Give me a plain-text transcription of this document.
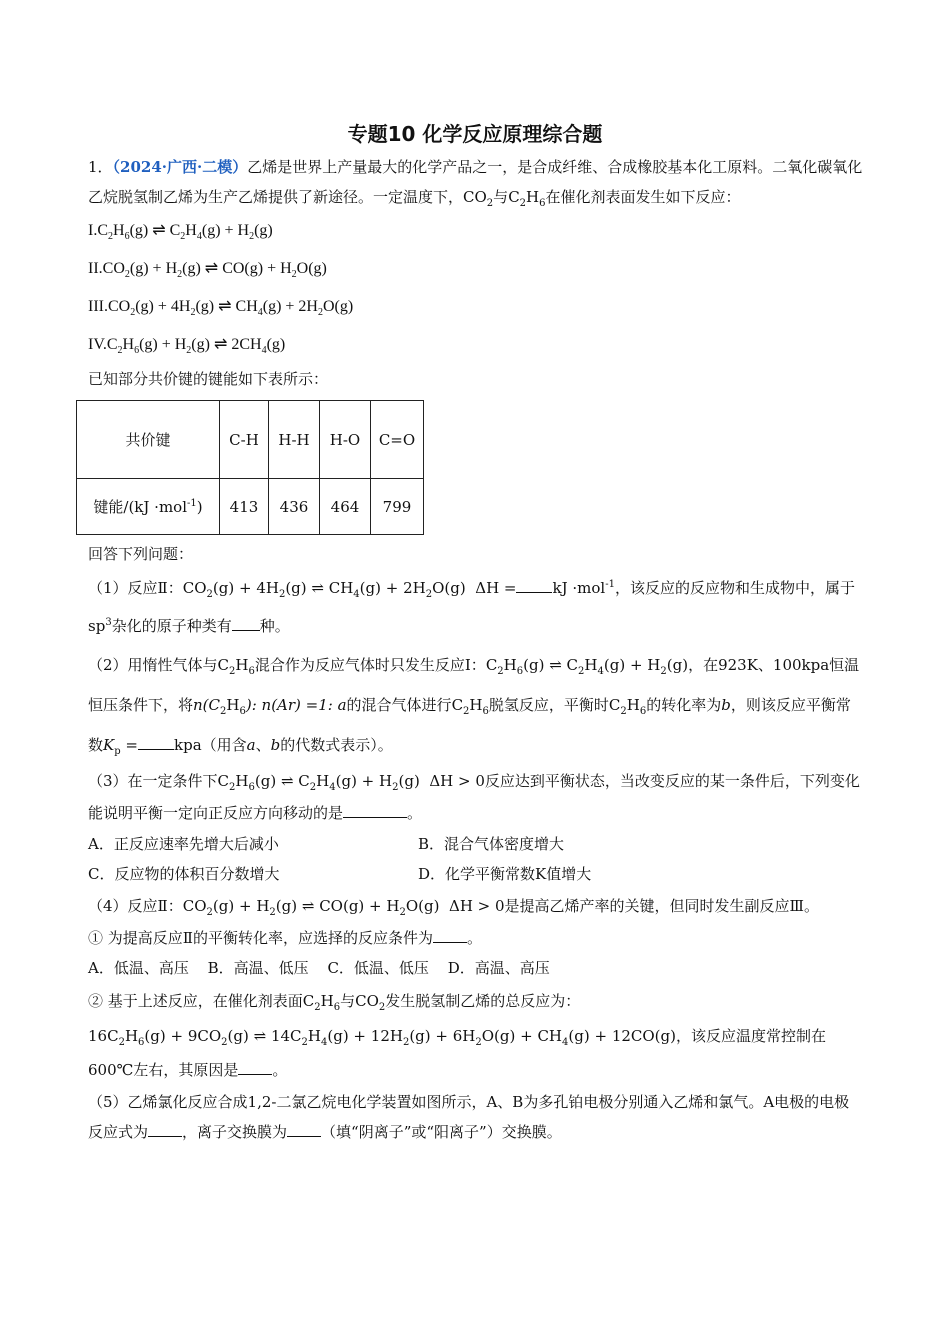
专题10 化学反应原理综合题

1．（2024·广西·二模）乙烯是世界上产量最大的化学产品之一，是合成纤维、合成橡胶基本化工原料。二氧化碳氧化乙烷脱氢制乙烯为生产乙烯提供了新途径。一定温度下，$CO_2$与$C_2H_6$在催化剂表面发生如下反应：

$I.C_2H_6(g)$ ⇌ $C_2H_4(g) + H_2(g)$

$II.CO_2(g) + H_2(g)$ ⇌ $CO(g) + H_2O(g)$

$III.CO_2(g) + 4H_2(g)$ ⇌ $CH_4(g) + 2H_2O(g)$

$IV.C_2H_6(g) + H_2(g)$ ⇌ $2CH_4(g)$

已知部分共价键的键能如下表所示：

共价键	C-H	H-H	H-O	C=O
键能/(kJ ·mol$^{-1}$)	413	436	464	799

回答下列问题：

（1）反应Ⅱ：$CO_2(g) + 4H_2(g)$ ⇌ $CH_4(g) + 2H_2O(g) \Delta H$ = kJ ·mol$^{-1}$，该反应的反应物和生成物中，属于$sp^3$杂化的原子种类有 种。

（2）用惰性气体与$C_2H_6$混合作为反应气体时只发生反应Ⅰ：$C_2H_6(g)$ ⇌ $C_2H_4(g) + H_2(g)$，在923K、100kpa恒温恒压条件下，将$n(C_2H_6)$: n(Ar) =1: a的混合气体进行$C_2H_6$脱氢反应，平衡时$C_2H_6$的转化率为b，则该反应平衡常数$K_p = kpa$（用含a、b的代数式表示）。

（3）在一定条件下$C_2H_6(g)$ ⇌ $C_2H_4(g) + H_2(g) \Delta H > 0$反应达到平衡状态，当改变反应的某一条件后，下列变化能说明平衡一定向正反应方向移动的是	。

A．正反应速率先增大后减小	B．混合气体密度增大
C．反应物的体积百分数增大	D．化学平衡常数K值增大

（4）反应Ⅱ：$CO_2(g) + H_2(g)$ ⇌ $CO(g) + H_2O(g) \Delta H > 0$是提高乙烯产率的关键，但同时发生副反应Ⅲ。

① 为提高反应Ⅱ的平衡转化率，应选择的反应条件为 。

A．低温、高压 B．高温、低压 C．低温、低压 D．高温、高压

② 基于上述反应，在催化剂表面$C_2H_6$与$CO_2$发生脱氢制乙烯的总反应为：

$16C_2H_6(g) + 9CO_2(g)$ ⇌ $14C_2H_4(g) + 12H_2(g) + 6H_2O(g) + CH_4(g) + 12CO(g)$，该反应温度常控制在600℃左右，其原因是 。

（5）乙烯氯化反应合成1,2-二氯乙烷电化学装置如图所示，A、B为多孔铂电极分别通入乙烯和氯气。A电极的电极反应式为 ，离子交换膜为 （填“阴离子”或“阳离子”）交换膜。
